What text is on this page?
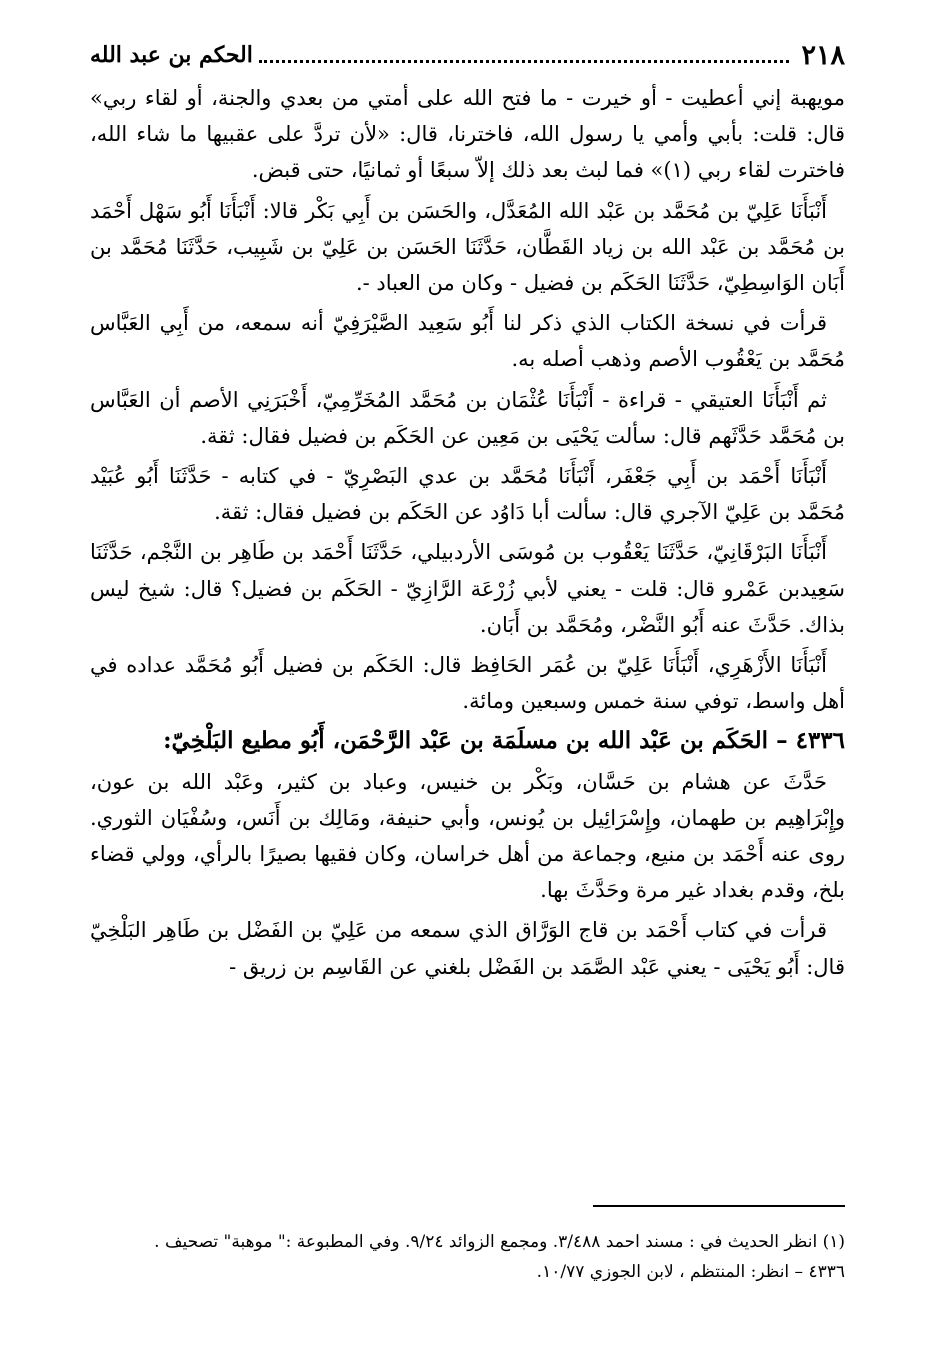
٢١٨
الحكم بن عبد الله

مويهبة إني أعطيت - أو خيرت - ما فتح الله على أمتي من بعدي والجنة، أو لقاء ربي» قال: قلت: بأبي وأمي يا رسول الله، فاخترنا، قال: «لأن تردَّ على عقبيها ما شاء الله، فاخترت لقاء ربي (١)» فما لبث بعد ذلك إلاّ سبعًا أو ثمانيًا، حتى قبض.

أَنْبَأَنَا عَلِيّ بن مُحَمَّد بن عَبْد الله المُعَدَّل، والحَسَن بن أَبِي بَكْر قالا: أَنْبَأَنَا أَبُو سَهْل أَحْمَد بن مُحَمَّد بن عَبْد الله بن زياد القَطَّان، حَدَّثَنَا الحَسَن بن عَلِيّ بن شَبِيب، حَدَّثَنَا مُحَمَّد بن أَبَان الوَاسِطِيّ، حَدَّثَنَا الحَكَم بن فضيل - وكان من العباد -.

قرأت في نسخة الكتاب الذي ذكر لنا أَبُو سَعِيد الصَّيْرَفِيّ أنه سمعه، من أَبِي العَبَّاس مُحَمَّد بن يَعْقُوب الأصم وذهب أصله به.

ثم أَنْبَأَنَا العتيقي - قراءة - أَنْبَأَنَا عُثْمَان بن مُحَمَّد المُخَرِّمِيّ، أَخْبَرَنِي الأصم أن العَبَّاس بن مُحَمَّد حَدَّثَهم قال: سألت يَحْيَى بن مَعِين عن الحَكَم بن فضيل فقال: ثقة.

أَنْبَأَنَا أَحْمَد بن أَبِي جَعْفَر، أَنْبَأَنَا مُحَمَّد بن عدي البَصْرِيّ - في كتابه - حَدَّثَنَا أَبُو عُبَيْد مُحَمَّد بن عَلِيّ الآجري قال: سألت أبا دَاوُد عن الحَكَم بن فضيل فقال: ثقة.

أَنْبَأَنَا البَرْقَانِيّ، حَدَّثَنَا يَعْقُوب بن مُوسَى الأردبيلي، حَدَّثَنَا أَحْمَد بن طَاهِر بن النَّجْم، حَدَّثَنَا سَعِيدبن عَمْرو قال: قلت - يعني لأبي زُرْعَة الرَّازِيّ - الحَكَم بن فضيل؟ قال: شيخ ليس بذاك. حَدَّثَ عنه أَبُو النَّضْر، ومُحَمَّد بن أَبَان.

أَنْبَأَنَا الأَزْهَرِي، أَنْبَأَنَا عَلِيّ بن عُمَر الحَافِظ قال: الحَكَم بن فضيل أَبُو مُحَمَّد عداده في أهل واسط، توفي سنة خمس وسبعين ومائة.

٤٣٣٦ – الحَكَم بن عَبْد الله بن مسلَمَة بن عَبْد الرَّحْمَن، أَبُو مطيع البَلْخِيّ:

حَدَّثَ عن هشام بن حَسَّان، وبَكْر بن خنيس، وعباد بن كثير، وعَبْد الله بن عون، وإِبْرَاهِيم بن طهمان، وإِسْرَائِيل بن يُونس، وأبي حنيفة، ومَالِك بن أَنَس، وسُفْيَان الثوري. روى عنه أَحْمَد بن منيع، وجماعة من أهل خراسان، وكان فقيها بصيرًا بالرأي، وولي قضاء بلخ، وقدم بغداد غير مرة وحَدَّثَ بها.

قرأت في كتاب أَحْمَد بن قاج الوَرَّاق الذي سمعه من عَلِيّ بن الفَضْل بن طَاهِر البَلْخِيّ قال: أَبُو يَحْيَى - يعني عَبْد الصَّمَد بن الفَضْل بلغني عن القَاسِم بن زريق -

(١) انظر الحديث في : مسند احمد ٣/٤٨٨. ومجمع الزوائد ٩/٢٤. وفي المطبوعة :" موهبة" تصحيف .

٤٣٣٦ – انظر: المنتظم ، لابن الجوزي ١٠/٧٧.
